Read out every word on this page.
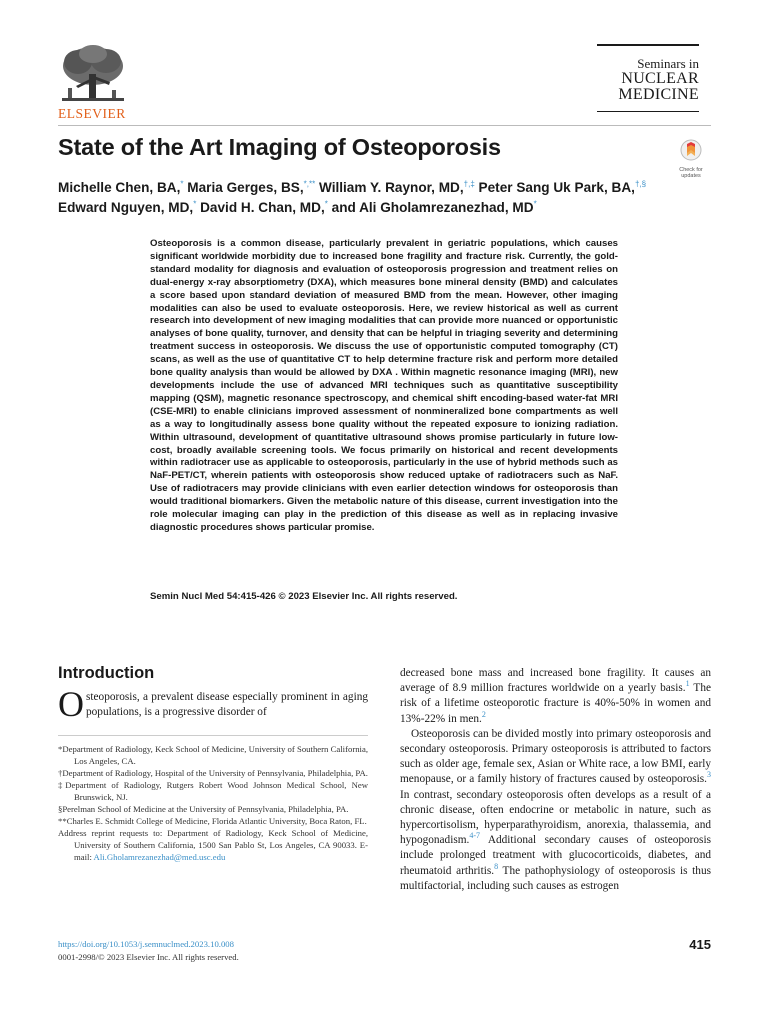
ELSEVIER
Seminars in
NUCLEAR
MEDICINE
State of the Art Imaging of Osteoporosis
Check for updates
Michelle Chen, BA,* Maria Gerges, BS,*,** William Y. Raynor, MD,†,‡ Peter Sang Uk Park, BA,†,§
Edward Nguyen, MD,* David H. Chan, MD,* and Ali Gholamrezanezhad, MD*
Osteoporosis is a common disease, particularly prevalent in geriatric populations, which causes significant worldwide morbidity due to increased bone fragility and fracture risk. Currently, the gold-standard modality for diagnosis and evaluation of osteoporosis progression and treatment relies on dual-energy x-ray absorptiometry (DXA), which measures bone mineral density (BMD) and calculates a score based upon standard deviation of measured BMD from the mean. However, other imaging modalities can also be used to evaluate osteoporosis. Here, we review historical as well as current research into development of new imaging modalities that can provide more nuanced or opportunistic analyses of bone quality, turnover, and density that can be helpful in triaging severity and determining treatment success in osteoporosis. We discuss the use of opportunistic computed tomography (CT) scans, as well as the use of quantitative CT to help determine fracture risk and perform more detailed bone quality analysis than would be allowed by DXA . Within magnetic resonance imaging (MRI), new developments include the use of advanced MRI techniques such as quantitative susceptibility mapping (QSM), magnetic resonance spectroscopy, and chemical shift encoding-based water-fat MRI (CSE-MRI) to enable clinicians improved assessment of nonmineralized bone compartments as well as a way to longitudinally assess bone quality without the repeated exposure to ionizing radiation. Within ultrasound, development of quantitative ultrasound shows promise particularly in future low-cost, broadly available screening tools. We focus primarily on historical and recent developments within radiotracer use as applicable to osteoporosis, particularly in the use of hybrid methods such as NaF-PET/CT, wherein patients with osteoporosis show reduced uptake of radiotracers such as NaF. Use of radiotracers may provide clinicians with even earlier detection windows for osteoporosis than would traditional biomarkers. Given the metabolic nature of this disease, current investigation into the role molecular imaging can play in the prediction of this disease as well as in replacing invasive diagnostic procedures shows particular promise.
Semin Nucl Med 54:415-426 © 2023 Elsevier Inc. All rights reserved.
Introduction
O steoporosis, a prevalent disease especially prominent in aging populations, is a progressive disorder of
*Department of Radiology, Keck School of Medicine, University of Southern California, Los Angeles, CA.
†Department of Radiology, Hospital of the University of Pennsylvania, Philadelphia, PA.
‡Department of Radiology, Rutgers Robert Wood Johnson Medical School, New Brunswick, NJ.
§Perelman School of Medicine at the University of Pennsylvania, Philadelphia, PA.
**Charles E. Schmidt College of Medicine, Florida Atlantic University, Boca Raton, FL.
Address reprint requests to: Department of Radiology, Keck School of Medicine, University of Southern California, 1500 San Pablo St, Los Angeles, CA 90033. E-mail: Ali.Gholamrezanezhad@med.usc.edu

decreased bone mass and increased bone fragility. It causes an average of 8.9 million fractures worldwide on a yearly basis.$^1$ The risk of a lifetime osteoporotic fracture is 40%-50% in women and 13%-22% in men.$^2$

Osteoporosis can be divided mostly into primary osteoporosis and secondary osteoporosis. Primary osteoporosis is attributed to factors such as older age, female sex, Asian or White race, a low BMI, early menopause, or a family history of fractures caused by osteoporosis.$^3$ In contrast, secondary osteoporosis often develops as a result of a chronic disease, often endocrine or metabolic in nature, such as hypercortisolism, hyperparathyroidism, anorexia, thalassemia, and hypogonadism.$^{4-7}$ Additional secondary causes of osteoporosis include prolonged treatment with glucocorticoids, diabetes, and rheumatoid arthritis.$^8$ The pathophysiology of osteoporosis is thus multifactorial, including such causes as estrogen

https://doi.org/10.1053/j.semnuclmed.2023.10.008
0001-2998/© 2023 Elsevier Inc. All rights reserved.
415
